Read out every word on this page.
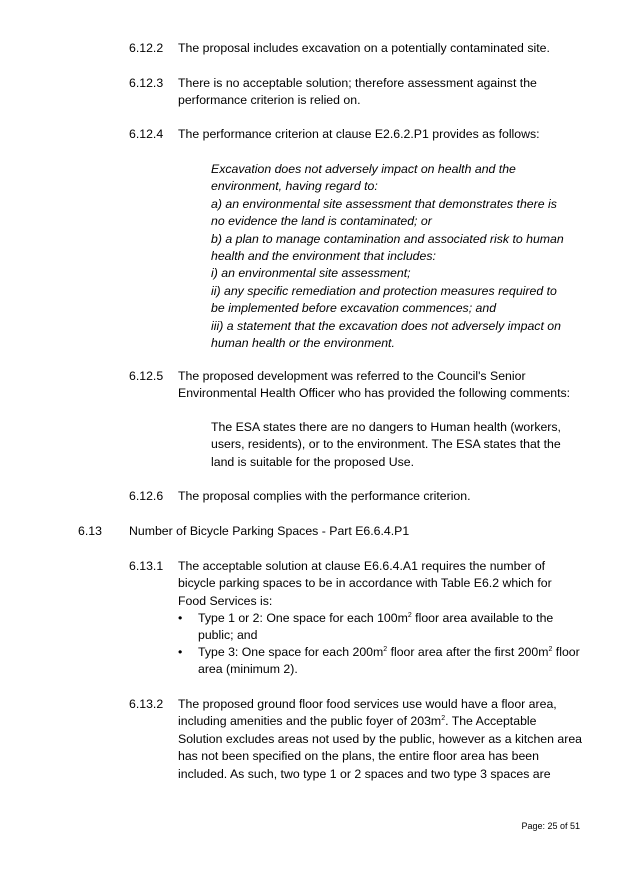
6.12.2 The proposal includes excavation on a potentially contaminated site.
6.12.3 There is no acceptable solution; therefore assessment against the
performance criterion is relied on.
6.12.4 The performance criterion at clause E2.6.2.P1 provides as follows:
Excavation does not adversely impact on health and the
environment, having regard to:
a) an environmental site assessment that demonstrates there is
no evidence the land is contaminated; or
b) a plan to manage contamination and associated risk to human
health and the environment that includes:
i) an environmental site assessment;
ii) any specific remediation and protection measures required to
be implemented before excavation commences; and
iii) a statement that the excavation does not adversely impact on
human health or the environment.
6.12.5 The proposed development was referred to the Council's Senior
Environmental Health Officer who has provided the following comments:
The ESA states there are no dangers to Human health (workers,
users, residents), or to the environment. The ESA states that the
land is suitable for the proposed Use.
6.12.6 The proposal complies with the performance criterion.
6.13 Number of Bicycle Parking Spaces - Part E6.6.4.P1
6.13.1 The acceptable solution at clause E6.6.4.A1 requires the number of
bicycle parking spaces to be in accordance with Table E6.2 which for
Food Services is:
• Type 1 or 2: One space for each $100m^2$ floor area available to the
public; and
• Type 3: One space for each $200m^2$ floor area after the first $200m^2$ floor
area (minimum 2).
6.13.2 The proposed ground floor food services use would have a floor area,
including amenities and the public foyer of $203m^2$. The Acceptable
Solution excludes areas not used by the public, however as a kitchen area
has not been specified on the plans, the entire floor area has been
included. As such, two type 1 or 2 spaces and two type 3 spaces are
Page: 25 of 51
